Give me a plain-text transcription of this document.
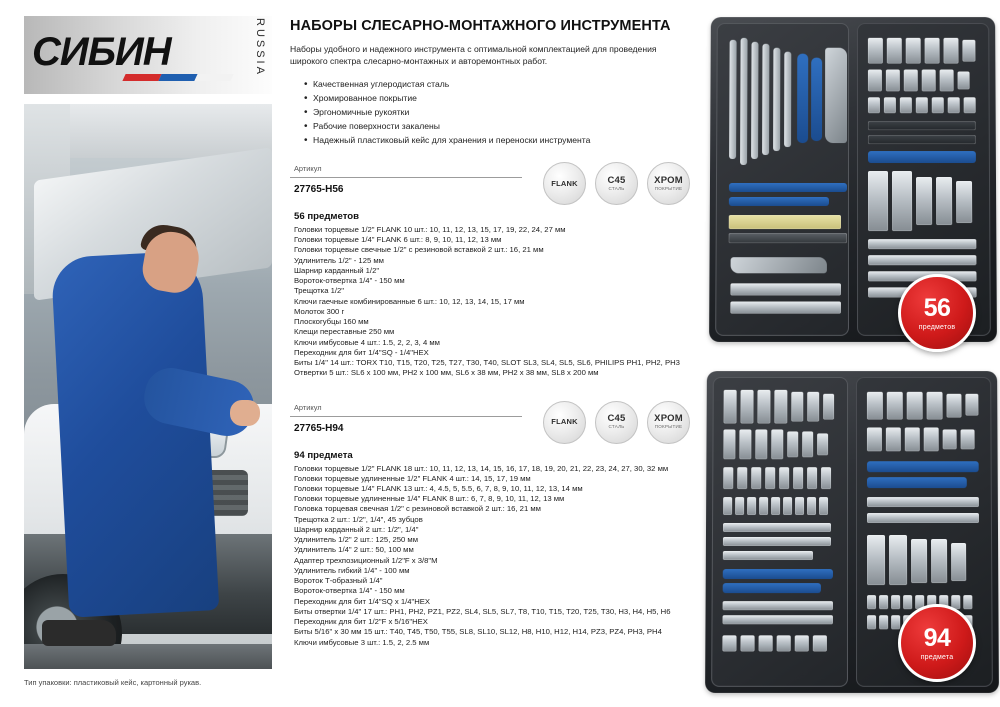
СИБИН	RUSSIA
Тип упаковки: пластиковый кейс, картонный рукав.
НАБОРЫ СЛЕСАРНО-МОНТАЖНОГО ИНСТРУМЕНТА

Наборы удобного и надежного инструмента с оптимальной комплектацией для проведения широкого спектра слесарно-монтажных и авторемонтных работ.

• Качественная углеродистая сталь
• Хромированное покрытие
• Эргономичные рукоятки
• Рабочие поверхности закалены
• Надежный пластиковый кейс для хранения и переноски инструмента
Артикул
27765-H56
FLANK	C45
СТАЛЬ
ХРОМ
ПОКРЫТИЕ
56 предметов
Головки торцевые 1/2" FLANK 10 шт.: 10, 11, 12, 13, 15, 17, 19, 22, 24, 27 мм
Головки торцевые 1/4" FLANK 6 шт.: 8, 9, 10, 11, 12, 13 мм
Головки торцевые свечные 1/2" с резиновой вставкой 2 шт.: 16, 21 мм
Удлинитель 1/2" - 125 мм
Шарнир карданный 1/2"
Вороток-отвертка 1/4" - 150 мм
Трещотка 1/2"
Ключи гаечные комбинированные 6 шт.: 10, 12, 13, 14, 15, 17 мм
Молоток 300 г
Плоскогубцы 160 мм
Клещи переставные 250 мм
Ключи имбусовые 4 шт.: 1.5, 2, 2, 3, 4 мм
Переходник для бит 1/4"SQ - 1/4"HEX
Биты 1/4" 14 шт.: TORX T10, T15, T20, T25, T27, T30, T40, SLOT SL3, SL4, SL5, SL6, PHILIPS PH1, PH2, PH3
Отвертки 5 шт.: SL6 x 100 мм, PH2 x 100 мм, SL6 x 38 мм, PH2 x 38 мм, SL8 x 200 мм
Артикул
27765-H94
FLANK	C45
СТАЛЬ
ХРОМ
ПОКРЫТИЕ
94 предмета
Головки торцевые 1/2" FLANK 18 шт.: 10, 11, 12, 13, 14, 15, 16, 17, 18, 19, 20, 21, 22, 23, 24, 27, 30, 32 мм
Головки торцевые удлиненные 1/2" FLANK 4 шт.: 14, 15, 17, 19 мм
Головки торцевые 1/4" FLANK 13 шт.: 4, 4.5, 5, 5.5, 6, 7, 8, 9, 10, 11, 12, 13, 14 мм
Головки торцевые удлиненные 1/4" FLANK 8 шт.: 6, 7, 8, 9, 10, 11, 12, 13 мм
Головка торцевая свечная 1/2" с резиновой вставкой 2 шт.: 16, 21 мм
Трещотка 2 шт.: 1/2", 1/4", 45 зубцов
Шарнир карданный 2 шт.: 1/2", 1/4"
Удлинитель 1/2" 2 шт.: 125, 250 мм
Удлинитель 1/4" 2 шт.: 50, 100 мм
Адаптер трехпозиционный 1/2"F x 3/8"M
Удлинитель гибкий 1/4" - 100 мм
Вороток Т-образный 1/4"
Вороток-отвертка 1/4" - 150 мм
Переходник для бит 1/4"SQ х 1/4"HEX
Биты отвертки 1/4" 17 шт.: PH1, PH2, PZ1, PZ2, SL4, SL5, SL7, T8, T10, T15, T20, T25, T30, H3, H4, H5, H6
Переходник для бит 1/2"F х 5/16"HEX
Биты 5/16" х 30 мм 15 шт.: T40, T45, T50, T55, SL8, SL10, SL12, H8, H10, H12, H14, PZ3, PZ4, PH3, PH4
Ключи имбусовые 3 шт.: 1.5, 2, 2.5 мм
56
предметов
94
предмета
